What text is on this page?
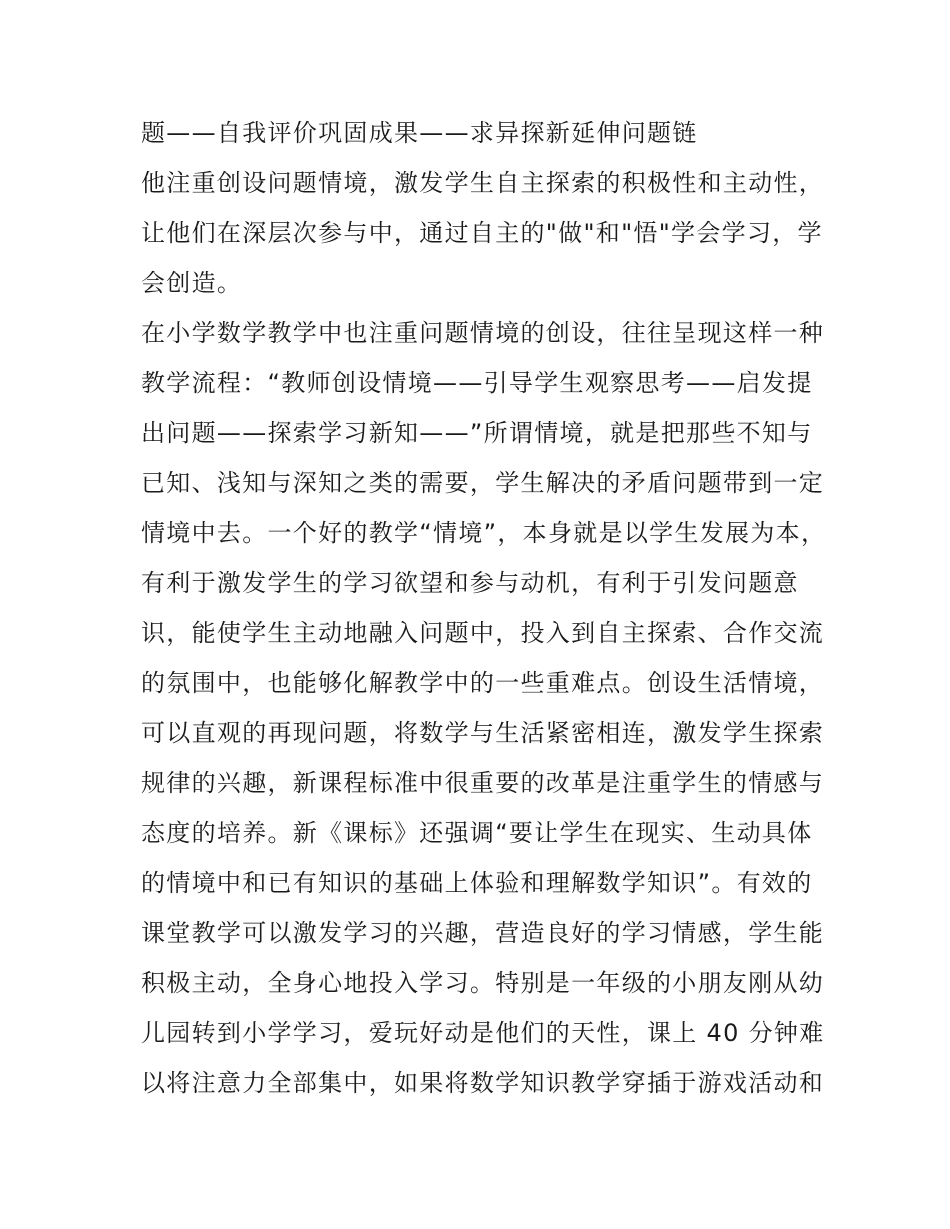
题——自我评价巩固成果——求异探新延伸问题链
他注重创设问题情境，激发学生自主探索的积极性和主动性，
让他们在深层次参与中，通过自主的"做"和"悟"学会学习，学
会创造。
在小学数学教学中也注重问题情境的创设，往往呈现这样一种
教学流程：“教师创设情境——引导学生观察思考——启发提
出问题——探索学习新知——”所谓情境，就是把那些不知与
已知、浅知与深知之类的需要，学生解决的矛盾问题带到一定
情境中去。一个好的教学“情境”，本身就是以学生发展为本，
有利于激发学生的学习欲望和参与动机，有利于引发问题意
识，能使学生主动地融入问题中，投入到自主探索、合作交流
的氛围中，也能够化解教学中的一些重难点。创设生活情境，
可以直观的再现问题，将数学与生活紧密相连，激发学生探索
规律的兴趣，新课程标准中很重要的改革是注重学生的情感与
态度的培养。新《课标》还强调“要让学生在现实、生动具体
的情境中和已有知识的基础上体验和理解数学知识”。有效的
课堂教学可以激发学习的兴趣，营造良好的学习情感，学生能
积极主动，全身心地投入学习。特别是一年级的小朋友刚从幼
儿园转到小学学习，爱玩好动是他们的天性，课上 40 分钟难
以将注意力全部集中，如果将数学知识教学穿插于游戏活动和
